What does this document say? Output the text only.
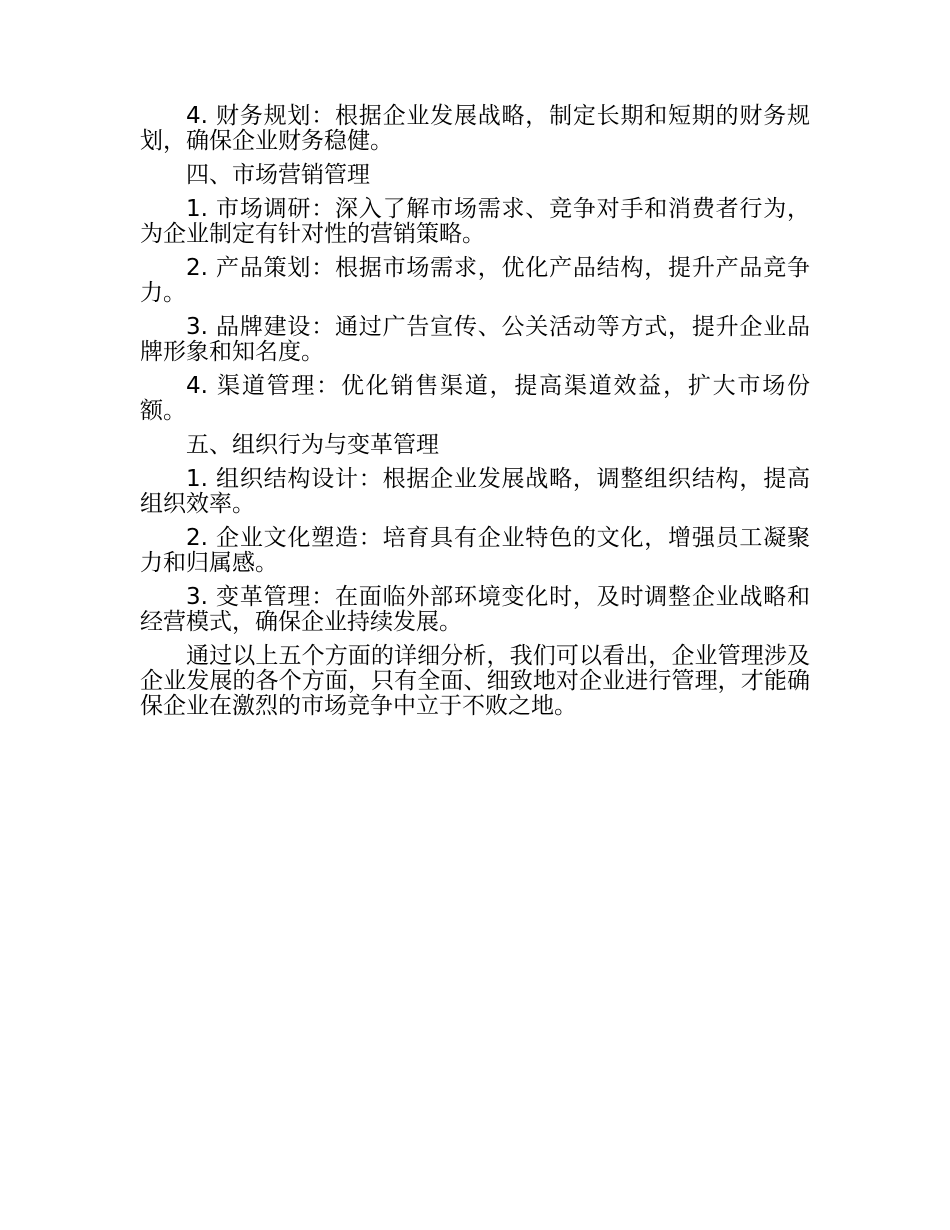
4. 财务规划：根据企业发展战略，制定长期和短期的财务规划，确保企业财务稳健。

四、市场营销管理

1. 市场调研：深入了解市场需求、竞争对手和消费者行为，为企业制定有针对性的营销策略。

2. 产品策划：根据市场需求，优化产品结构，提升产品竞争力。

3. 品牌建设：通过广告宣传、公关活动等方式，提升企业品牌形象和知名度。

4. 渠道管理：优化销售渠道，提高渠道效益，扩大市场份额。

五、组织行为与变革管理

1. 组织结构设计：根据企业发展战略，调整组织结构，提高组织效率。

2. 企业文化塑造：培育具有企业特色的文化，增强员工凝聚力和归属感。

3. 变革管理：在面临外部环境变化时，及时调整企业战略和经营模式，确保企业持续发展。

通过以上五个方面的详细分析，我们可以看出，企业管理涉及企业发展的各个方面，只有全面、细致地对企业进行管理，才能确保企业在激烈的市场竞争中立于不败之地。
